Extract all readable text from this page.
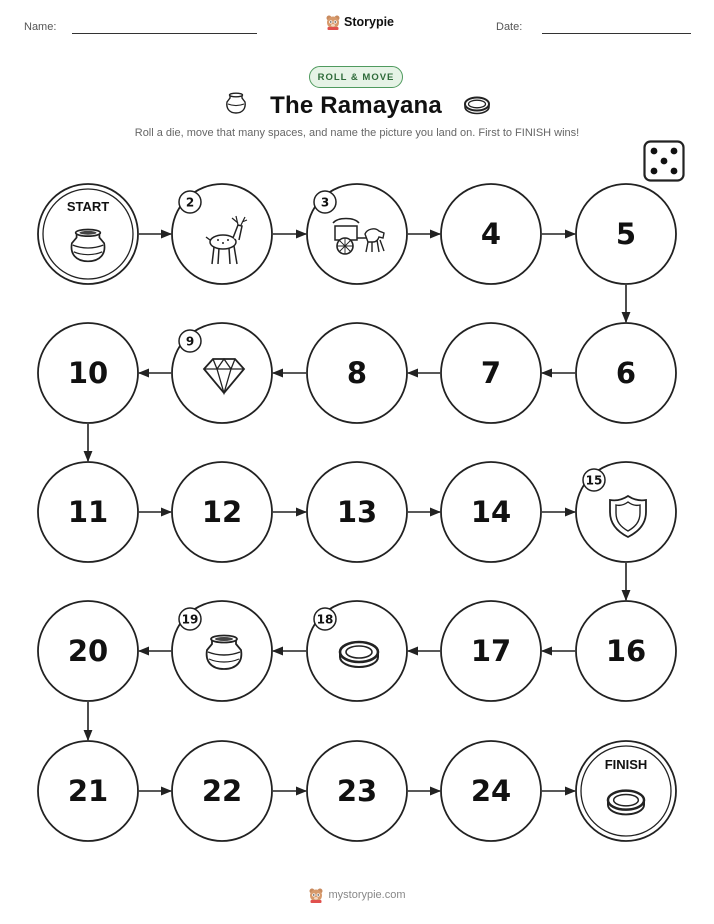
Name:	Storypie	Date:
ROLL & MOVE
The Ramayana
Roll a die, move that many spaces, and name the picture you land on. First to FINISH wins!
START	2	3
4	5
6
7
8
9
10
11	12	13	14
15
16
17
18
19
20
21	22	23	24
FINISH
mystorypie.com
